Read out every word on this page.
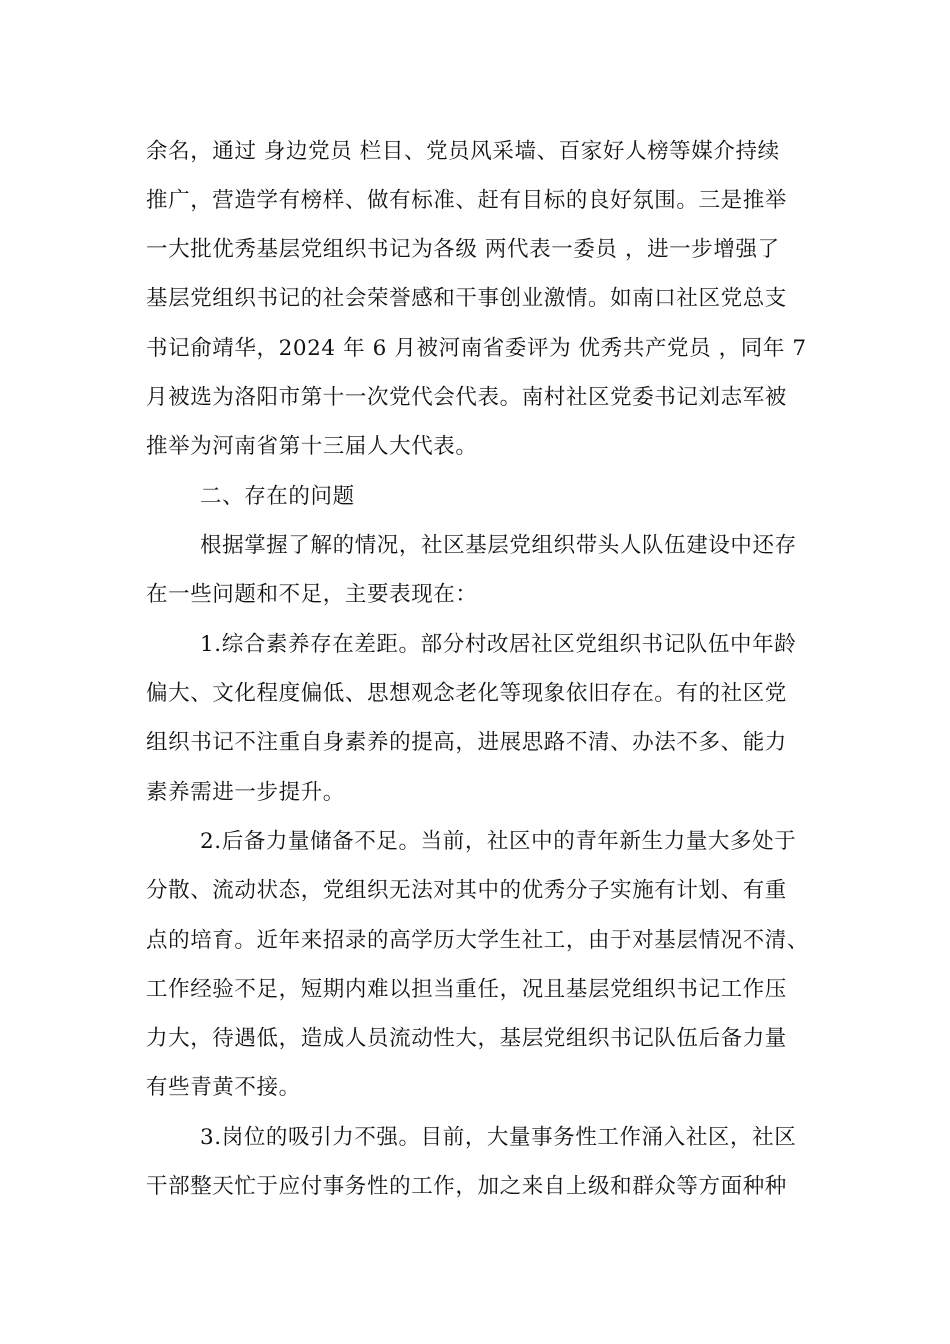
余名，通过 身边党员 栏目、党员风采墙、百家好人榜等媒介持续
推广，营造学有榜样、做有标准、赶有目标的良好氛围。三是推举
一大批优秀基层党组织书记为各级 两代表一委员 ，进一步增强了
基层党组织书记的社会荣誉感和干事创业激情。如南口社区党总支
书记俞靖华，2024 年 6 月被河南省委评为 优秀共产党员 ，同年 7
月被选为洛阳市第十一次党代会代表。南村社区党委书记刘志军被
推举为河南省第十三届人大代表。
二、存在的问题
根据掌握了解的情况，社区基层党组织带头人队伍建设中还存
在一些问题和不足，主要表现在：
1.综合素养存在差距。部分村改居社区党组织书记队伍中年龄
偏大、文化程度偏低、思想观念老化等现象依旧存在。有的社区党
组织书记不注重自身素养的提高，进展思路不清、办法不多、能力
素养需进一步提升。
2.后备力量储备不足。当前，社区中的青年新生力量大多处于
分散、流动状态，党组织无法对其中的优秀分子实施有计划、有重
点的培育。近年来招录的高学历大学生社工，由于对基层情况不清、
工作经验不足，短期内难以担当重任，况且基层党组织书记工作压
力大，待遇低，造成人员流动性大，基层党组织书记队伍后备力量
有些青黄不接。
3.岗位的吸引力不强。目前，大量事务性工作涌入社区，社区
干部整天忙于应付事务性的工作，加之来自上级和群众等方面种种
